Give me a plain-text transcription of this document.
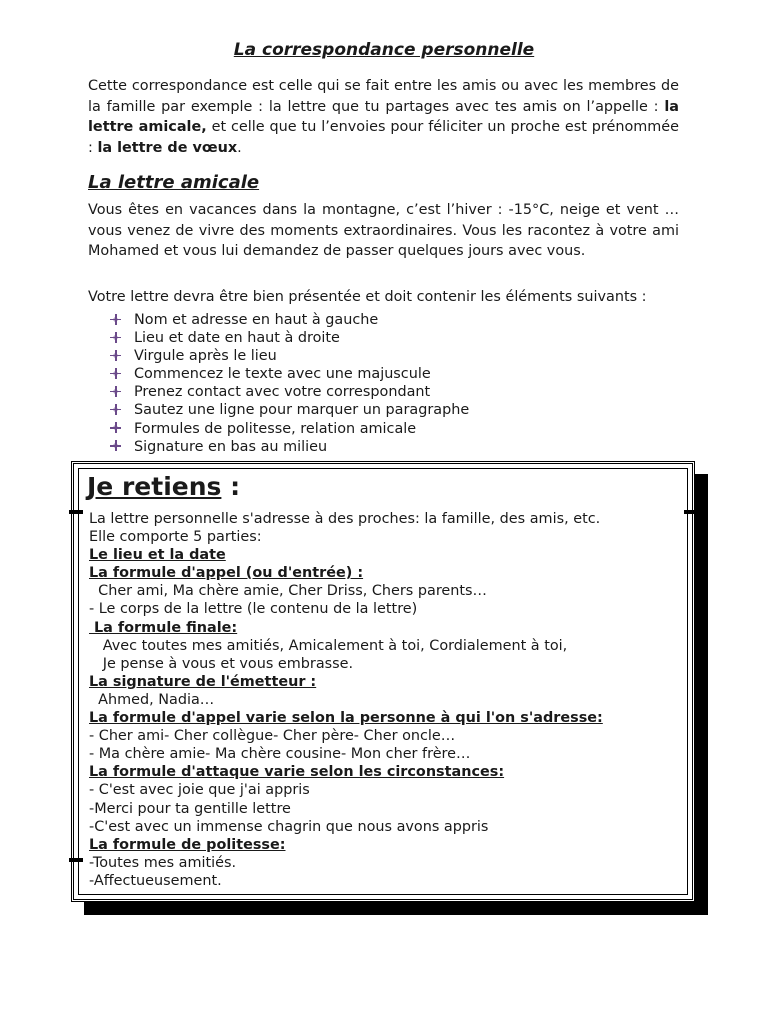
La correspondance personnelle

Cette correspondance est celle qui se fait entre les amis ou avec les membres de la famille par exemple : la lettre que tu partages avec tes amis on l’appelle : la lettre amicale, et celle que tu l’envoies pour féliciter un proche est prénommée : la lettre de vœux.

La lettre amicale

Vous êtes en vacances dans la montagne, c’est l’hiver : -15°C, neige et vent … vous venez de vivre des moments extraordinaires. Vous les racontez à votre ami Mohamed et vous lui demandez de passer quelques jours avec vous.

Votre lettre devra être bien présentée et doit contenir les éléments suivants :

Nom et adresse en haut à gauche
Lieu et date en haut à droite
Virgule après le lieu
Commencez le texte avec une majuscule
Prenez contact avec votre correspondant
Sautez une ligne pour marquer un paragraphe
Formules de politesse, relation amicale
Signature en bas au milieu
Je retiens :
La lettre personnelle s'adresse à des proches: la famille, des amis, etc.
Elle comporte 5 parties:
Le lieu et la date
La formule d'appel (ou d'entrée) :
Cher ami, Ma chère amie, Cher Driss, Chers parents…
- Le corps de la lettre (le contenu de la lettre)
La formule finale:
Avec toutes mes amitiés, Amicalement à toi, Cordialement à toi,
Je pense à vous et vous embrasse.
La signature de l'émetteur :
Ahmed, Nadia…
La formule d'appel varie selon la personne à qui l'on s'adresse:
- Cher ami- Cher collègue- Cher père- Cher oncle…
- Ma chère amie- Ma chère cousine- Mon cher frère…
La formule d'attaque varie selon les circonstances:
- C'est avec joie que j'ai appris
-Merci pour ta gentille lettre
-C'est avec un immense chagrin que nous avons appris
La formule de politesse:
-Toutes mes amitiés.
-Affectueusement.
